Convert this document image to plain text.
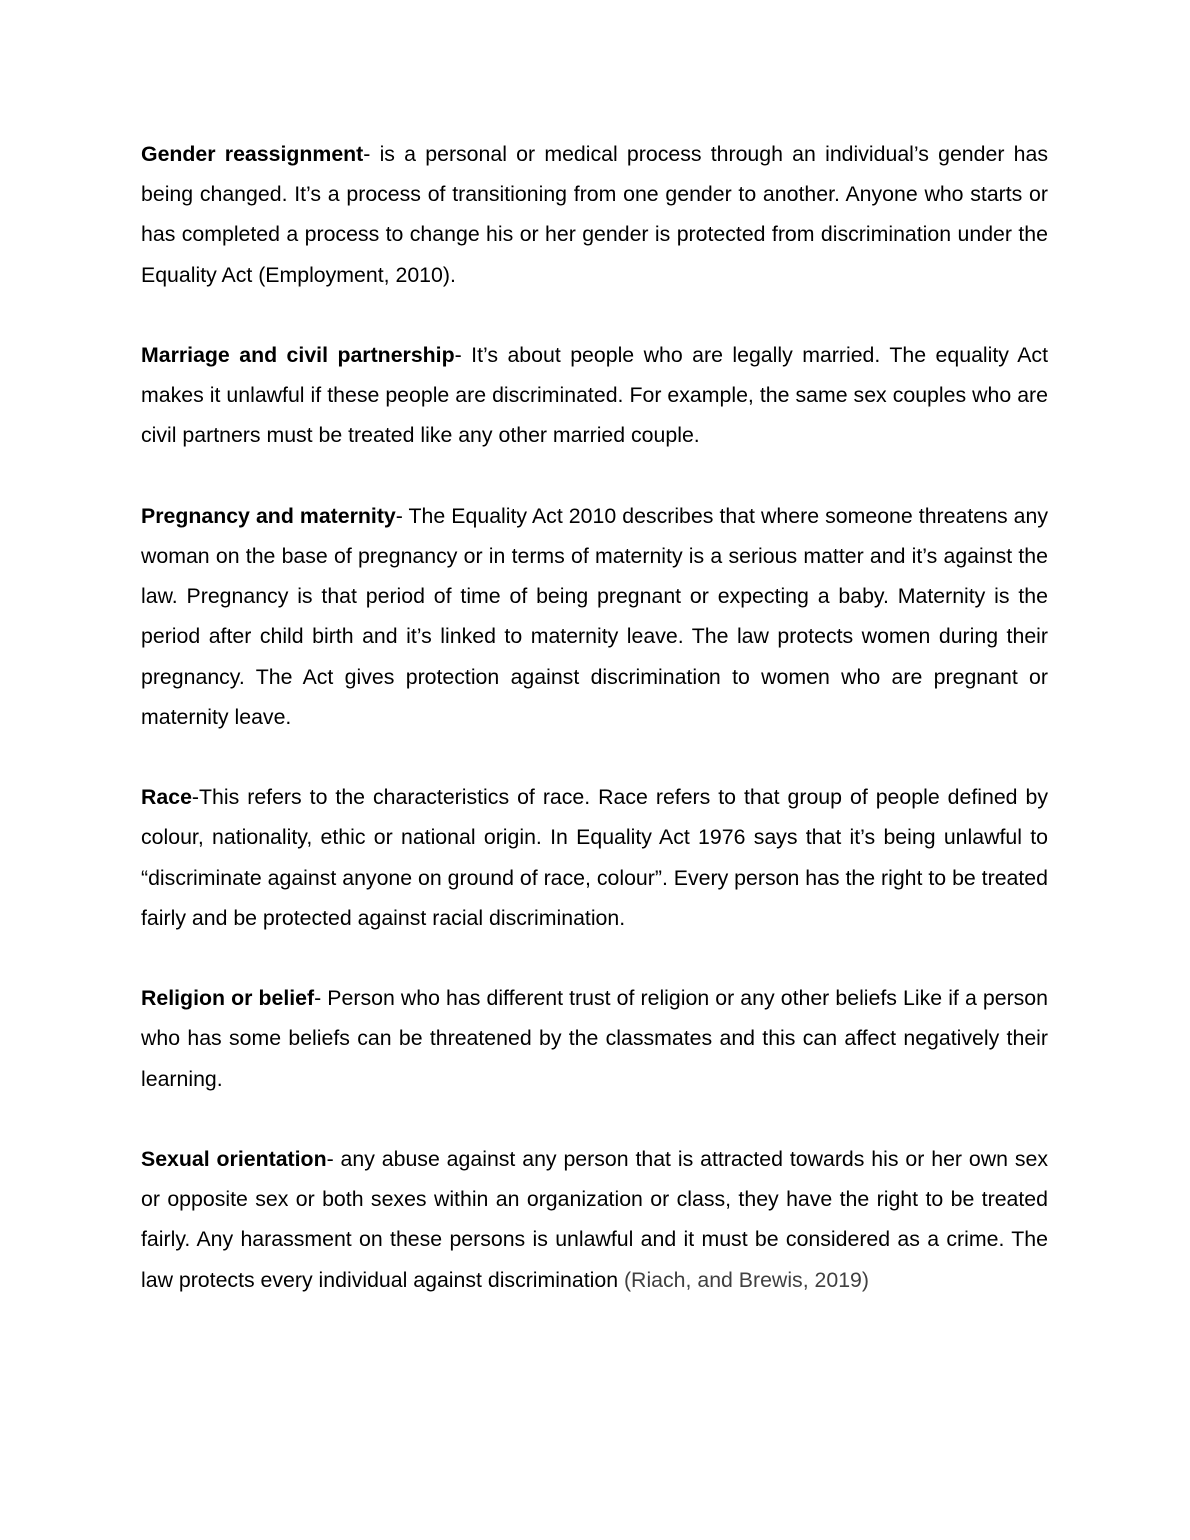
Gender reassignment- is a personal or medical process through an individual’s gender has being changed. It’s a process of transitioning from one gender to another. Anyone who starts or has completed a process to change his or her gender is protected from discrimination under the Equality Act (Employment, 2010).

Marriage and civil partnership- It’s about people who are legally married. The equality Act makes it unlawful if these people are discriminated. For example, the same sex couples who are civil partners must be treated like any other married couple.

Pregnancy and maternity- The Equality Act 2010 describes that where someone threatens any woman on the base of pregnancy or in terms of maternity is a serious matter and it’s against the law. Pregnancy is that period of time of being pregnant or expecting a baby. Maternity is the period after child birth and it’s linked to maternity leave. The law protects women during their pregnancy. The Act gives protection against discrimination to women who are pregnant or maternity leave.

Race-This refers to the characteristics of race. Race refers to that group of people defined by colour, nationality, ethic or national origin. In Equality Act 1976 says that it’s being unlawful to “discriminate against anyone on ground of race, colour”. Every person has the right to be treated fairly and be protected against racial discrimination.

Religion or belief- Person who has different trust of religion or any other beliefs Like if a person who has some beliefs can be threatened by the classmates and this can affect negatively their learning.

Sexual orientation- any abuse against any person that is attracted towards his or her own sex or opposite sex or both sexes within an organization or class, they have the right to be treated fairly. Any harassment on these persons is unlawful and it must be considered as a crime. The law protects every individual against discrimination (Riach, and Brewis, 2019)
